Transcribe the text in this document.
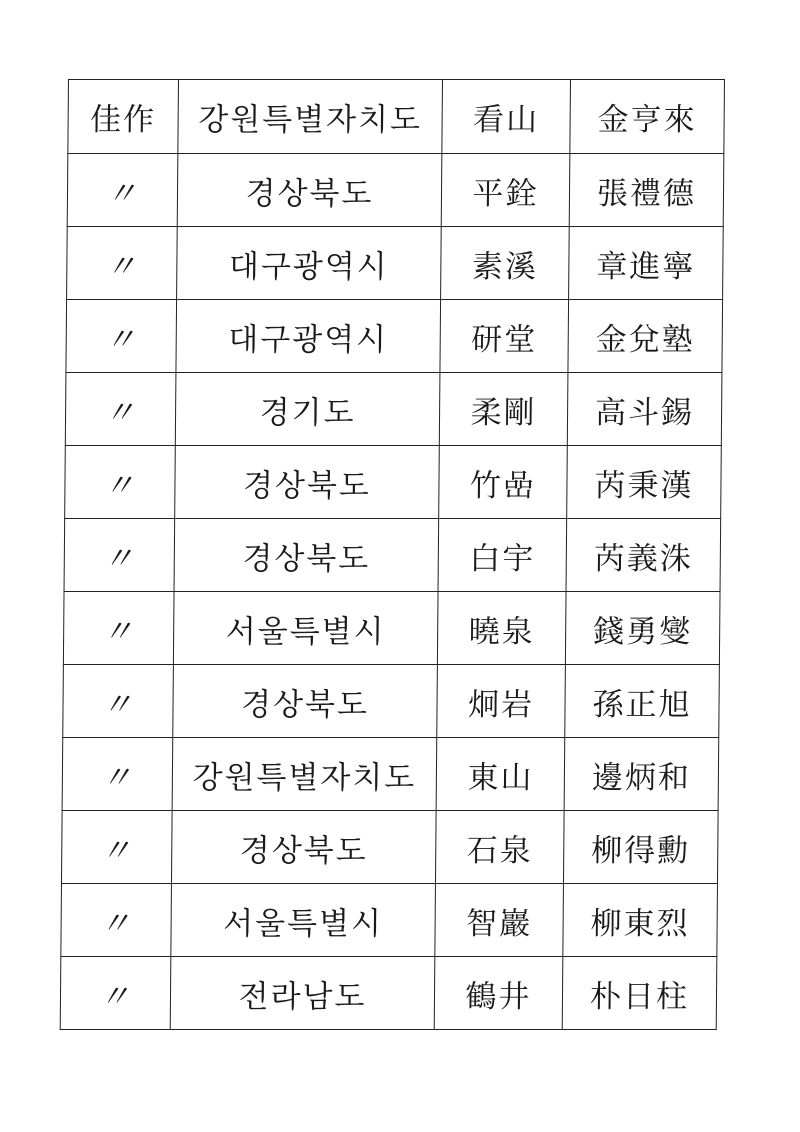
佳作	강원특별자치도	看山	金亨來
〃	경상북도	平銓	張禮德
〃	대구광역시	素溪	章進寧
〃	대구광역시	研堂	金兌塾
〃	경기도	柔剛	高斗錫
〃	경상북도	竹嵒	芮秉漢
〃	경상북도	白宇	芮義洙
〃	서울특별시	曉泉	錢勇燮
〃	경상북도	炯岩	孫正旭
〃	강원특별자치도	東山	邊炳和
〃	경상북도	石泉	柳得勳
〃	서울특별시	智巖	柳東烈
〃	전라남도	鶴井	朴日柱
